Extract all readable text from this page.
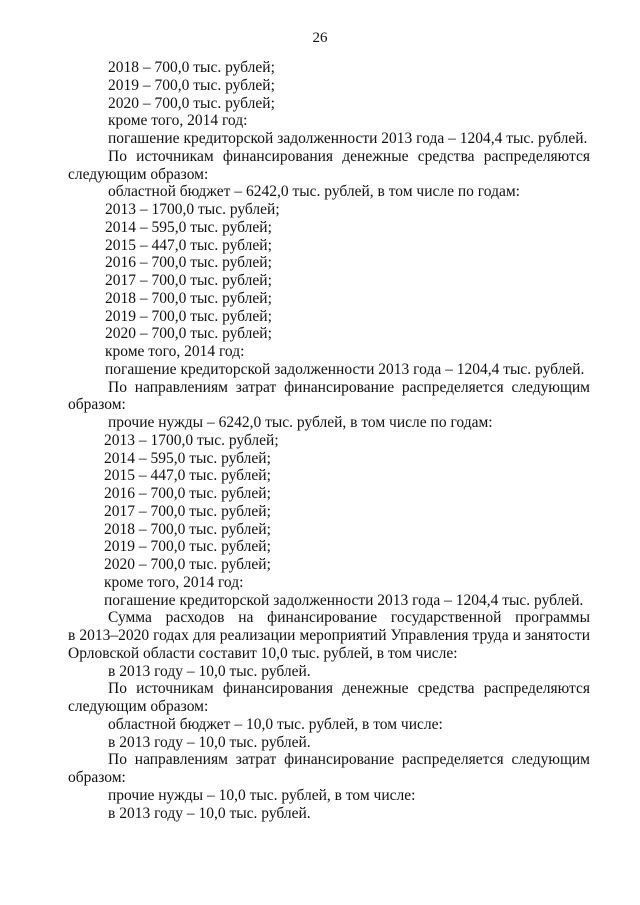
26
2018 – 700,0 тыс. рублей;
2019 – 700,0 тыс. рублей;
2020 – 700,0 тыс. рублей;
кроме того, 2014 год:
погашение кредиторской задолженности 2013 года – 1204,4 тыс. рублей.
По источникам финансирования денежные средства распределяются
следующим образом:
областной бюджет – 6242,0 тыс. рублей, в том числе по годам:
2013 – 1700,0 тыс. рублей;
2014 – 595,0 тыс. рублей;
2015 – 447,0 тыс. рублей;
2016 – 700,0 тыс. рублей;
2017 – 700,0 тыс. рублей;
2018 – 700,0 тыс. рублей;
2019 – 700,0 тыс. рублей;
2020 – 700,0 тыс. рублей;
кроме того, 2014 год:
погашение кредиторской задолженности 2013 года – 1204,4 тыс. рублей.
По направлениям затрат финансирование распределяется следующим
образом:
прочие нужды – 6242,0 тыс. рублей, в том числе по годам:
2013 – 1700,0 тыс. рублей;
2014 – 595,0 тыс. рублей;
2015 – 447,0 тыс. рублей;
2016 – 700,0 тыс. рублей;
2017 – 700,0 тыс. рублей;
2018 – 700,0 тыс. рублей;
2019 – 700,0 тыс. рублей;
2020 – 700,0 тыс. рублей;
кроме того, 2014 год:
погашение кредиторской задолженности 2013 года – 1204,4 тыс. рублей.
Сумма расходов на финансирование государственной программы
в 2013–2020 годах для реализации мероприятий Управления труда и занятости
Орловской области составит 10,0 тыс. рублей, в том числе:
в 2013 году – 10,0 тыс. рублей.
По источникам финансирования денежные средства распределяются
следующим образом:
областной бюджет – 10,0 тыс. рублей, в том числе:
в 2013 году – 10,0 тыс. рублей.
По направлениям затрат финансирование распределяется следующим
образом:
прочие нужды – 10,0 тыс. рублей, в том числе:
в 2013 году – 10,0 тыс. рублей.
